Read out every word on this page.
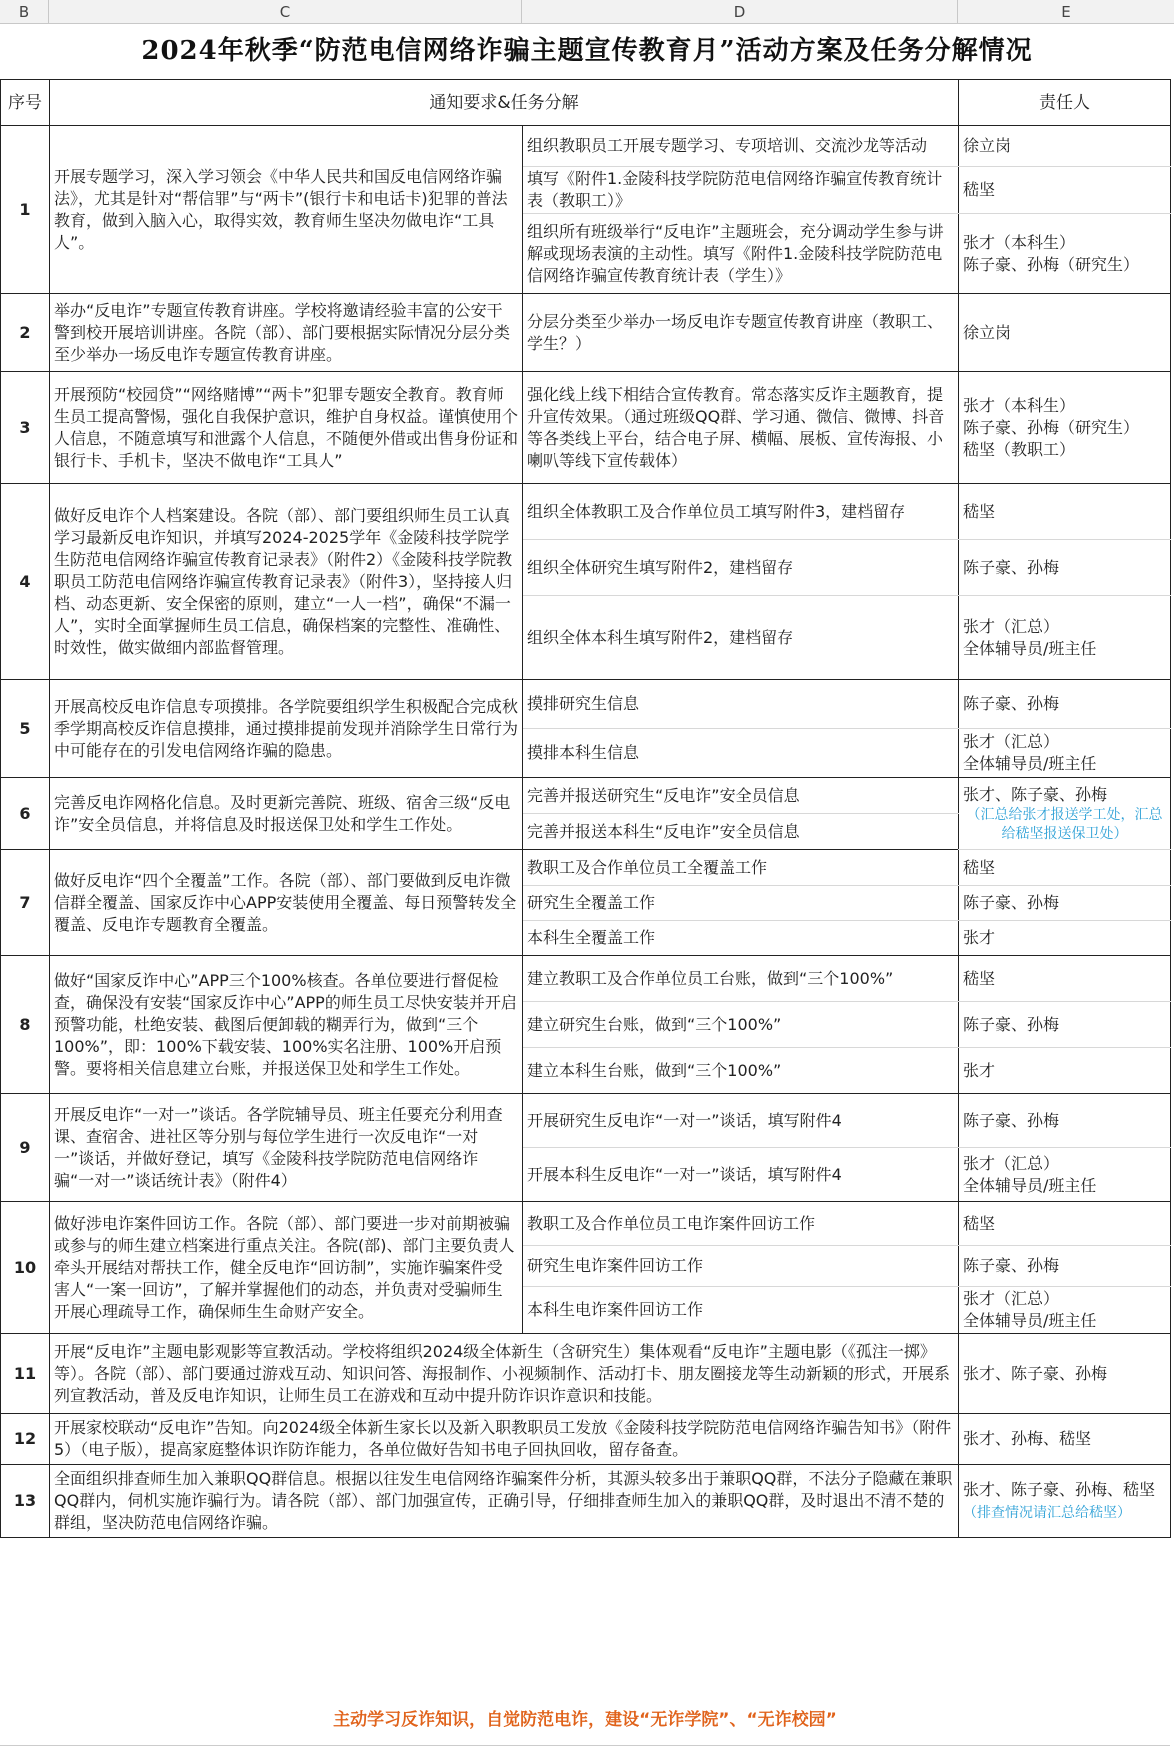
B	C	D	E
2024年秋季“防范电信网络诈骗主题宣传教育月”活动方案及任务分解情况
序号	通知要求&任务分解		责任人
1	开展专题学习，深入学习领会《中华人民共和国反电信网络诈骗法》，尤其是针对“帮信罪”与“两卡”(银行卡和电话卡)犯罪的普法教育，做到入脑入心，取得实效，教育师生坚决勿做电诈“工具人”。	组织教职员工开展专题学习、专项培训、交流沙龙等活动	徐立岗
		填写《附件1.金陵科技学院防范电信网络诈骗宣传教育统计表（教职工）》	嵇坚
		组织所有班级举行“反电诈”主题班会，充分调动学生参与讲解或现场表演的主动性。填写《附件1.金陵科技学院防范电信网络诈骗宣传教育统计表（学生）》	张才（本科生）
陈子豪、孙梅（研究生）
2	举办“反电诈”专题宣传教育讲座。学校将邀请经验丰富的公安干警到校开展培训讲座。各院（部）、部门要根据实际情况分层分类至少举办一场反电诈专题宣传教育讲座。	分层分类至少举办一场反电诈专题宣传教育讲座（教职工、学生？）	徐立岗
3	开展预防“校园贷”“网络赌博”“两卡”犯罪专题安全教育。教育师生员工提高警惕，强化自我保护意识，维护自身权益。谨慎使用个人信息，不随意填写和泄露个人信息，不随便外借或出售身份证和银行卡、手机卡，坚决不做电诈“工具人”	强化线上线下相结合宣传教育。常态落实反诈主题教育，提升宣传效果。（通过班级QQ群、学习通、微信、微博、抖音等各类线上平台，结合电子屏、横幅、展板、宣传海报、小喇叭等线下宣传载体）	张才（本科生）
陈子豪、孙梅（研究生）
嵇坚（教职工）
4	做好反电诈个人档案建设。各院（部）、部门要组织师生员工认真学习最新反电诈知识，并填写2024-2025学年《金陵科技学院学生防范电信网络诈骗宣传教育记录表》（附件2）《金陵科技学院教职员工防范电信网络诈骗宣传教育记录表》（附件3），坚持接人归档、动态更新、安全保密的原则，建立“一人一档”，确保“不漏一人”，实时全面掌握师生员工信息，确保档案的完整性、准确性、时效性，做实做细内部监督管理。	组织全体教职工及合作单位员工填写附件3，建档留存	嵇坚
		组织全体研究生填写附件2，建档留存	陈子豪、孙梅
		组织全体本科生填写附件2，建档留存	张才（汇总）
全体辅导员/班主任
5	开展高校反电诈信息专项摸排。各学院要组织学生积极配合完成秋季学期高校反诈信息摸排，通过摸排提前发现并消除学生日常行为中可能存在的引发电信网络诈骗的隐患。	摸排研究生信息	陈子豪、孙梅
		摸排本科生信息	张才（汇总）
全体辅导员/班主任
6	完善反电诈网格化信息。及时更新完善院、班级、宿舍三级“反电诈”安全员信息，并将信息及时报送保卫处和学生工作处。	完善并报送研究生“反电诈”安全员信息	张才、陈子豪、孙梅
（汇总给张才报送学工处，汇总给嵇坚报送保卫处）

		完善并报送本科生“反电诈”安全员信息	
7	做好反电诈“四个全覆盖”工作。各院（部）、部门要做到反电诈微信群全覆盖、国家反诈中心APP安装使用全覆盖、每日预警转发全覆盖、反电诈专题教育全覆盖。	教职工及合作单位员工全覆盖工作	嵇坚
		研究生全覆盖工作	陈子豪、孙梅
		本科生全覆盖工作	张才
8	做好“国家反诈中心”APP三个100%核查。各单位要进行督促检查，确保没有安装“国家反诈中心”APP的师生员工尽快安装并开启预警功能，杜绝安装、截图后便卸载的糊弄行为，做到“三个100%”，即：100%下载安装、100%实名注册、100%开启预警。要将相关信息建立台账，并报送保卫处和学生工作处。	建立教职工及合作单位员工台账，做到“三个100%”	嵇坚
		建立研究生台账，做到“三个100%”	陈子豪、孙梅
		建立本科生台账，做到“三个100%”	张才
9	开展反电诈“一对一”谈话。各学院辅导员、班主任要充分利用查课、查宿舍、进社区等分别与每位学生进行一次反电诈“一对一”谈话，并做好登记，填写《金陵科技学院防范电信网络诈骗“一对一”谈话统计表》（附件4）	开展研究生反电诈“一对一”谈话，填写附件4	陈子豪、孙梅
		开展本科生反电诈“一对一”谈话，填写附件4	张才（汇总）
全体辅导员/班主任
10	做好涉电诈案件回访工作。各院（部）、部门要进一步对前期被骗或参与的师生建立档案进行重点关注。各院(部)、部门主要负责人牵头开展结对帮扶工作，健全反电诈“回访制”，实施诈骗案件受害人“一案一回访”，了解并掌握他们的动态，并负责对受骗师生开展心理疏导工作，确保师生生命财产安全。	教职工及合作单位员工电诈案件回访工作	嵇坚
		研究生电诈案件回访工作	陈子豪、孙梅
		本科生电诈案件回访工作	张才（汇总）
全体辅导员/班主任
11	开展“反电诈”主题电影观影等宣教活动。学校将组织2024级全体新生（含研究生）集体观看“反电诈”主题电影（《孤注一掷》等）。各院（部）、部门要通过游戏互动、知识问答、海报制作、小视频制作、活动打卡、朋友圈接龙等生动新颖的形式，开展系列宣教活动，普及反电诈知识，让师生员工在游戏和互动中提升防诈识诈意识和技能。		张才、陈子豪、孙梅
12	开展家校联动“反电诈”告知。向2024级全体新生家长以及新入职教职员工发放《金陵科技学院防范电信网络诈骗告知书》（附件5）（电子版），提高家庭整体识诈防诈能力，各单位做好告知书电子回执回收，留存备查。		张才、孙梅、嵇坚
13	全面组织排查师生加入兼职QQ群信息。根据以往发生电信网络诈骗案件分析，其源头较多出于兼职QQ群，不法分子隐藏在兼职QQ群内，伺机实施诈骗行为。请各院（部）、部门加强宣传，正确引导，仔细排查师生加入的兼职QQ群，及时退出不清不楚的群组，坚决防范电信网络诈骗。		张才、陈子豪、孙梅、嵇坚（排查情况请汇总给嵇坚）
主动学习反诈知识，自觉防范电诈，建设“无诈学院”、“无诈校园”
